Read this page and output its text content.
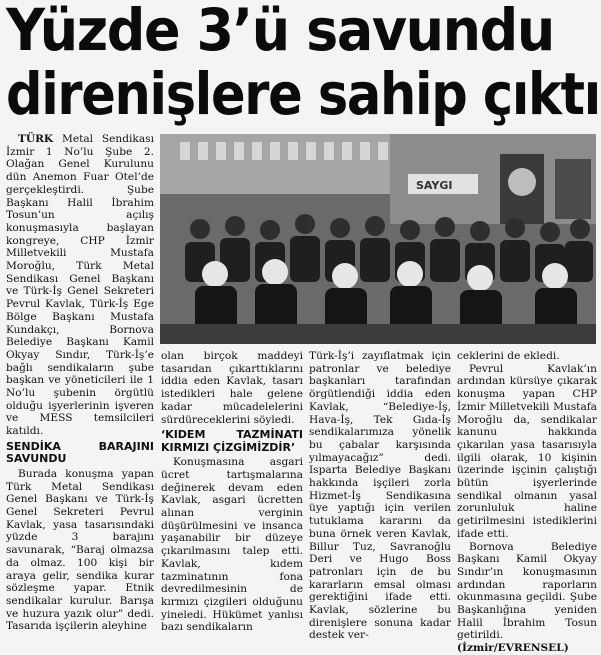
Yüzde 3’ü savundu
direnişlere sahip çıktı

TÜRK Metal Sendikası İzmir 1 No’lu Şube 2. Olağan Genel Kurulunu dün Anemon Fuar Otel’de gerçekleştirdi. Şube Başkanı Halil İbrahim Tosun’un açılış konuşmasıyla başlayan kongreye, CHP İzmir Milletvekili Mustafa Moroğlu, Türk Metal Sendikası Genel Başkanı ve Türk-İş Genel Sekreteri Pevrul Kavlak, Türk-İş Ege Bölge Başkanı Mustafa Kundakçı, Bornova Belediye Başkanı Kamil Okyay Sındır, Türk-İş’e bağlı sendikaların şube başkan ve yöneticileri ile 1 No’lu şubenin örgütlü olduğu işyerlerinin işveren ve MESS temsilcileri katıldı.

SENDİKA BARAJINI SAVUNDU

Burada konuşma yapan Türk Metal Sendikası Genel Başkanı ve Türk-İş Genel Sekreteri Pevrul Kavlak, yasa tasarısındaki yüzde 3 barajını savunarak, “Baraj olmazsa da olmaz. 100 kişi bir araya gelir, sendika kurar sözleşme yapar. Etnik sendikalar kurulur. Barışa ve huzura yazık olur” dedi. Tasarıda işçilerin aleyhine

SAYGI

olan birçok maddeyi tasarıdan çıkarttıklarını iddia eden Kavlak, tasarı istedikleri hale gelene kadar mücadelelerini sürdüreceklerini söyledi.

‘KIDEM TAZMİNATI KIRMIZI ÇİZGİMİZDİR’

Konuşmasına asgari ücret tartışmalarına değinerek devam eden Kavlak, asgari ücretten alınan verginin düşürülmesini ve insanca yaşanabilir bir düzeye çıkarılmasını talep etti. Kavlak, kıdem tazminatının fona devredilmesinin de kırmızı çizgileri olduğunu yineledi. Hükümet yanlısı bazı sendikaların

Türk-İş’i zayıflatmak için patronlar ve belediye başkanları tarafından örgütlendiği iddia eden Kavlak, “Belediye-İş, Hava-İş, Tek Gıda-İş sendikalarımıza yönelik bu çabalar karşısında yılmayacağız” dedi. Isparta Belediye Başkanı hakkında işçileri zorla Hizmet-İş Sendikasına üye yaptığı için verilen tutuklama kararını da buna örnek veren Kavlak, Billur Tuz, Savranoğlu Deri ve Hugo Boss patronları için de bu kararların emsal olması gerektiğini ifade etti. Kavlak, sözlerine bu direnişlere sonuna kadar destek ver-

ceklerini de ekledi.

Pevrul Kavlak’ın ardından kürsüye çıkarak konuşma yapan CHP İzmir Milletvekili Mustafa Moroğlu da, sendikalar kanunu hakkında çıkarılan yasa tasarısıyla ilgili olarak, 10 kişinin üzerinde işçinin çalıştığı bütün işyerlerinde sendikal olmanın yasal zorunluluk haline getirilmesini istediklerini ifade etti.

Bornova Belediye Başkanı Kamil Okyay Sındır’ın konuşmasının ardından raporların okunmasına geçildi. Şube Başkanlığına yeniden Halil İbrahim Tosun getirildi. (İzmir/EVRENSEL)
